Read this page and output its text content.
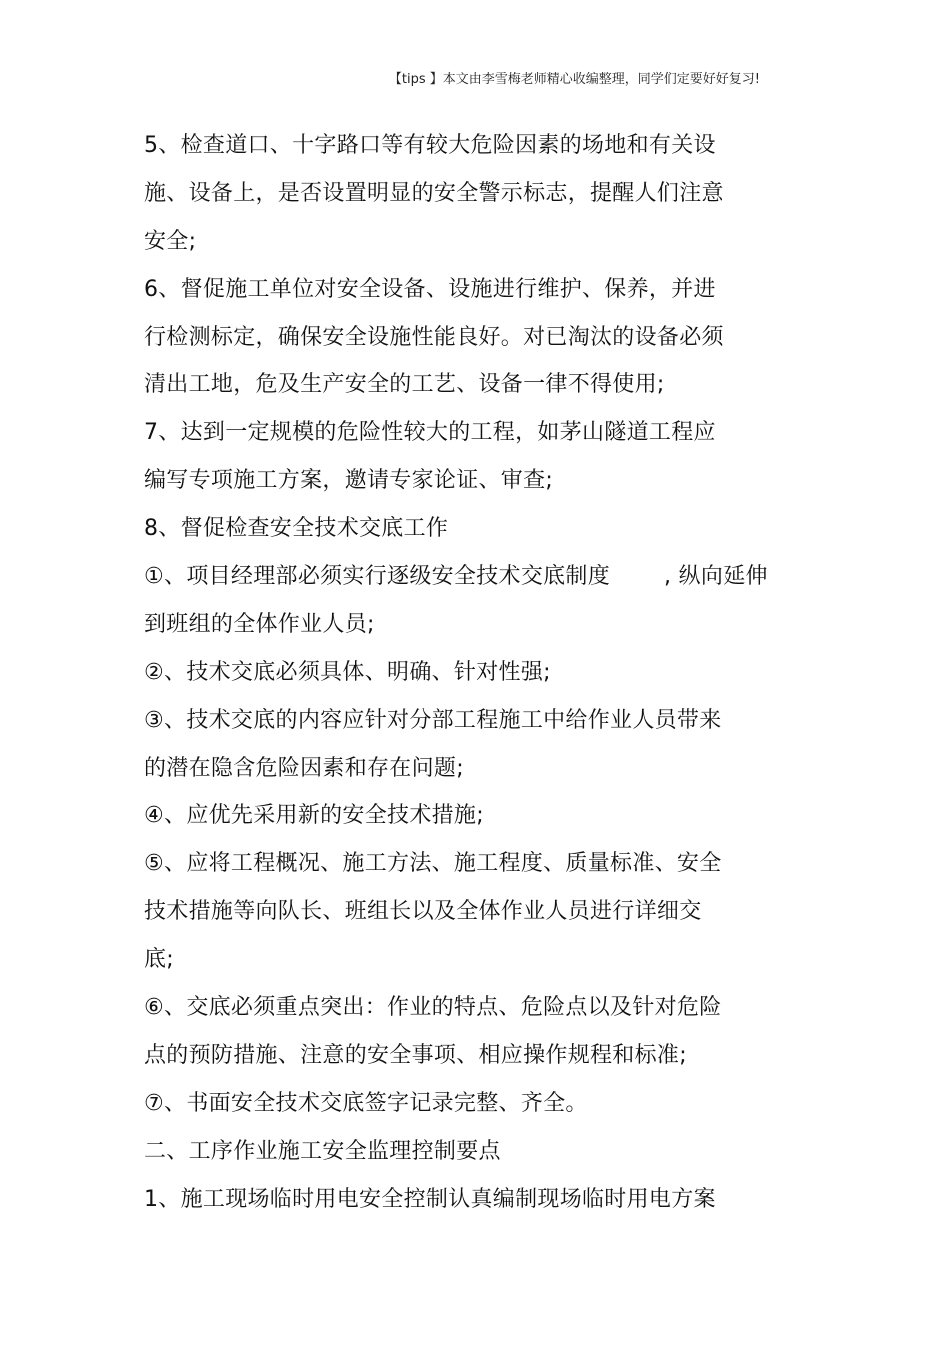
【tips 】本文由李雪梅老师精心收编整理，同学们定要好好复习!
5、检查道口、十字路口等有较大危险因素的场地和有关设
施、设备上，是否设置明显的安全警示标志，提醒人们注意
安全;
6、督促施工单位对安全设备、设施进行维护、保养，并进
行检测标定，确保安全设施性能良好。对已淘汰的设备必须
清出工地，危及生产安全的工艺、设备一律不得使用;
7、达到一定规模的危险性较大的工程，如茅山隧道工程应
编写专项施工方案，邀请专家论证、审查;
8、督促检查安全技术交底工作
①、项目经理部必须实行逐级安全技术交底制度 , 纵向延伸
到班组的全体作业人员;
②、技术交底必须具体、明确、针对性强;
③、技术交底的内容应针对分部工程施工中给作业人员带来
的潜在隐含危险因素和存在问题;
④、应优先采用新的安全技术措施;
⑤、应将工程概况、施工方法、施工程度、质量标准、安全
技术措施等向队长、班组长以及全体作业人员进行详细交
底;
⑥、交底必须重点突出：作业的特点、危险点以及针对危险
点的预防措施、注意的安全事项、相应操作规程和标准;
⑦、书面安全技术交底签字记录完整、齐全。
二、工序作业施工安全监理控制要点
1、施工现场临时用电安全控制认真编制现场临时用电方案
